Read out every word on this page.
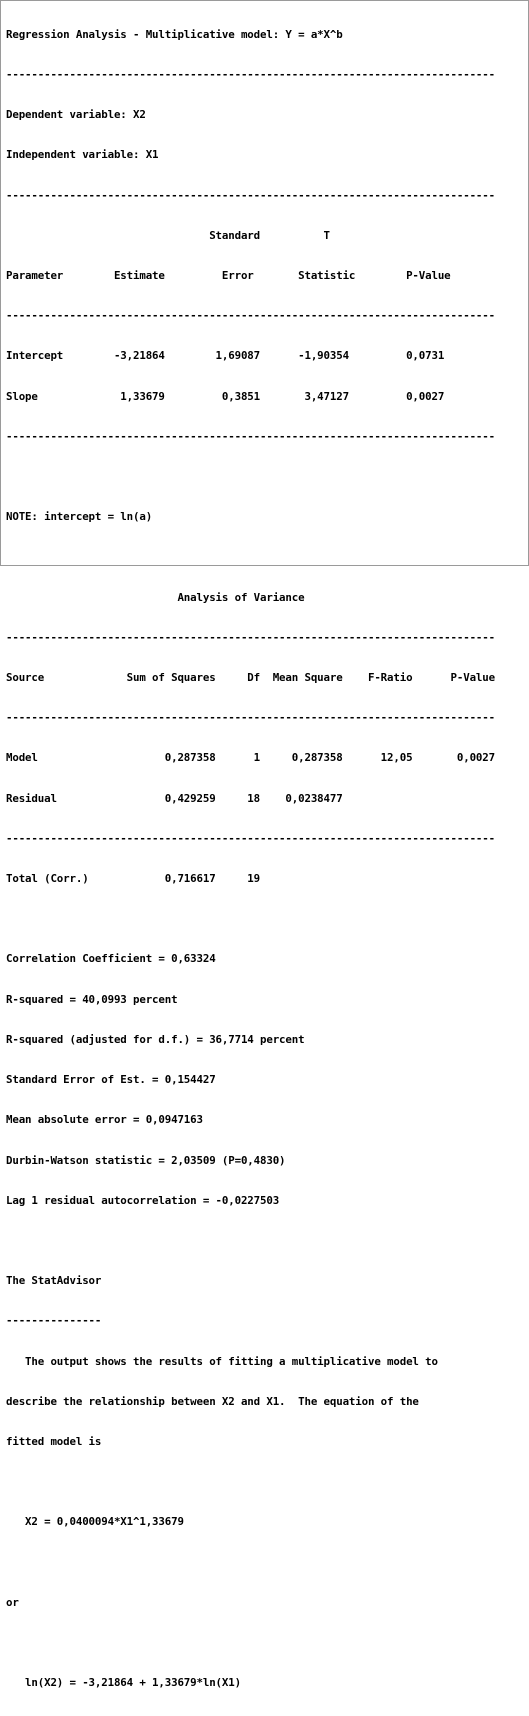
Regression Analysis - Multiplicative model: Y = a*X^b

-----------------------------------------------------------------------------

Dependent variable: X2

Independent variable: X1

-----------------------------------------------------------------------------

Standard          T

Parameter        Estimate         Error       Statistic        P-Value

-----------------------------------------------------------------------------

Intercept        -3,21864        1,69087      -1,90354         0,0731

Slope             1,33679         0,3851       3,47127         0,0027

-----------------------------------------------------------------------------

NOTE: intercept = ln(a)

Analysis of Variance

-----------------------------------------------------------------------------

Source             Sum of Squares     Df  Mean Square    F-Ratio      P-Value

-----------------------------------------------------------------------------

Model                    0,287358      1     0,287358      12,05       0,0027

Residual                 0,429259     18    0,0238477

-----------------------------------------------------------------------------

Total (Corr.)            0,716617     19

Correlation Coefficient = 0,63324

R-squared = 40,0993 percent

R-squared (adjusted for d.f.) = 36,7714 percent

Standard Error of Est. = 0,154427

Mean absolute error = 0,0947163

Durbin-Watson statistic = 2,03509 (P=0,4830)

Lag 1 residual autocorrelation = -0,0227503

The StatAdvisor

---------------

The output shows the results of fitting a multiplicative model to

describe the relationship between X2 and X1.  The equation of the

fitted model is

X2 = 0,0400094*X1^1,33679

or

ln(X2) = -3,21864 + 1,33679*ln(X1)
